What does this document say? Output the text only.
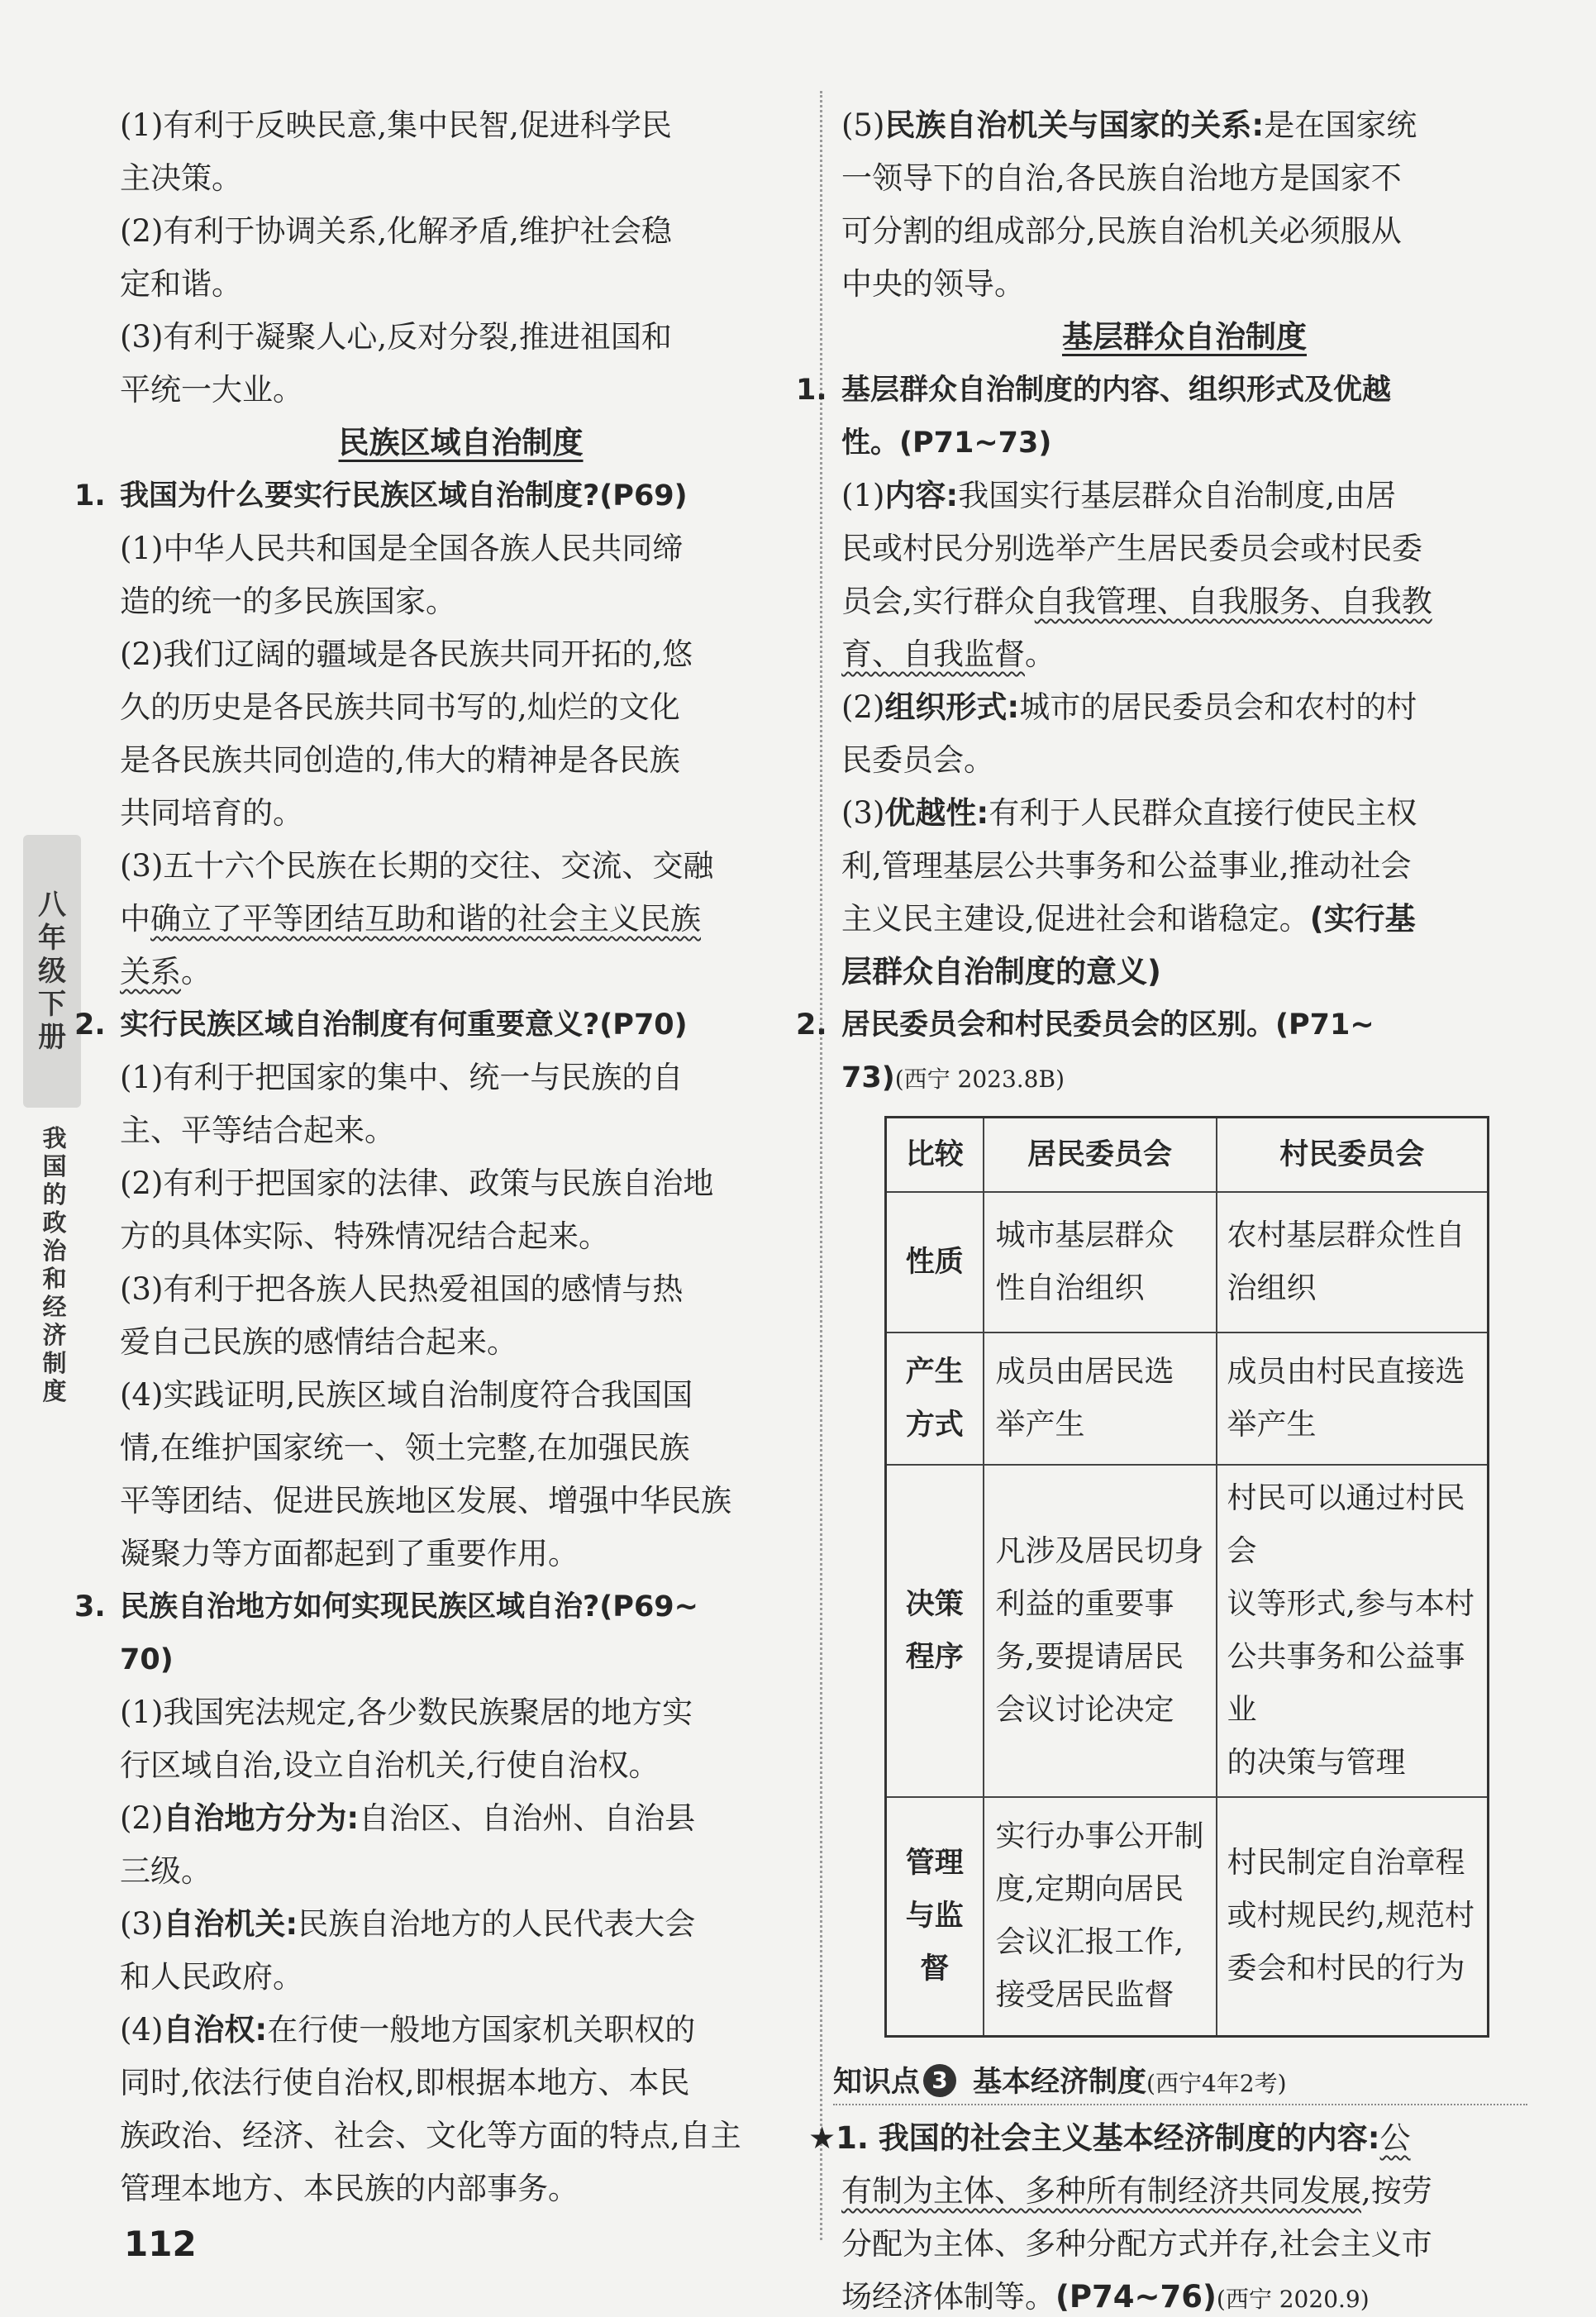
八
年
级
下
册
我
国
的
政
治
和
经
济
制
度
(1)有利于反映民意,集中民智,促进科学民
主决策。
(2)有利于协调关系,化解矛盾,维护社会稳
定和谐。
(3)有利于凝聚人心,反对分裂,推进祖国和
平统一大业。
民族区域自治制度
1. 我国为什么要实行民族区域自治制度?(P69)
(1)中华人民共和国是全国各族人民共同缔
造的统一的多民族国家。
(2)我们辽阔的疆域是各民族共同开拓的,悠
久的历史是各民族共同书写的,灿烂的文化
是各民族共同创造的,伟大的精神是各民族
共同培育的。
(3)五十六个民族在长期的交往、交流、交融
中确立了平等团结互助和谐的社会主义民族
关系。
2. 实行民族区域自治制度有何重要意义?(P70)
(1)有利于把国家的集中、统一与民族的自
主、平等结合起来。
(2)有利于把国家的法律、政策与民族自治地
方的具体实际、特殊情况结合起来。
(3)有利于把各族人民热爱祖国的感情与热
爱自己民族的感情结合起来。
(4)实践证明,民族区域自治制度符合我国国
情,在维护国家统一、领土完整,在加强民族
平等团结、促进民族地区发展、增强中华民族
凝聚力等方面都起到了重要作用。
3. 民族自治地方如何实现民族区域自治?(P69~
70)
(1)我国宪法规定,各少数民族聚居的地方实
行区域自治,设立自治机关,行使自治权。
(2)自治地方分为:自治区、自治州、自治县
三级。
(3)自治机关:民族自治地方的人民代表大会
和人民政府。
(4)自治权:在行使一般地方国家机关职权的
同时,依法行使自治权,即根据本地方、本民
族政治、经济、社会、文化等方面的特点,自主
管理本地方、本民族的内部事务。
(5)民族自治机关与国家的关系:是在国家统
一领导下的自治,各民族自治地方是国家不
可分割的组成部分,民族自治机关必须服从
中央的领导。
基层群众自治制度
1. 基层群众自治制度的内容、组织形式及优越
性。(P71~73)
(1)内容:我国实行基层群众自治制度,由居
民或村民分别选举产生居民委员会或村民委
员会,实行群众自我管理、自我服务、自我教
育、自我监督。
(2)组织形式:城市的居民委员会和农村的村
民委员会。
(3)优越性:有利于人民群众直接行使民主权
利,管理基层公共事务和公益事业,推动社会
主义民主建设,促进社会和谐稳定。(实行基
层群众自治制度的意义)
2. 居民委员会和村民委员会的区别。(P71~
73)(西宁 2023.8B)
比较	居民委员会	村民委员会
性质	城市基层群众
性自治组织	农村基层群众性自
治组织
产生
方式	成员由居民选
举产生	成员由村民直接选
举产生
决策
程序	凡涉及居民切身
利益的重要事
务,要提请居民
会议讨论决定	村民可以通过村民会
议等形式,参与本村
公共事务和公益事业
的决策与管理
管理
与监
督	实行办事公开制
度,定期向居民
会议汇报工作,
接受居民监督	村民制定自治章程
或村规民约,规范村
委会和村民的行为
知识点 3 基本经济制度(西宁4年2考)
★1. 我国的社会主义基本经济制度的内容:公
有制为主体、多种所有制经济共同发展,按劳
分配为主体、多种分配方式并存,社会主义市
场经济体制等。(P74~76)(西宁 2020.9)
112
